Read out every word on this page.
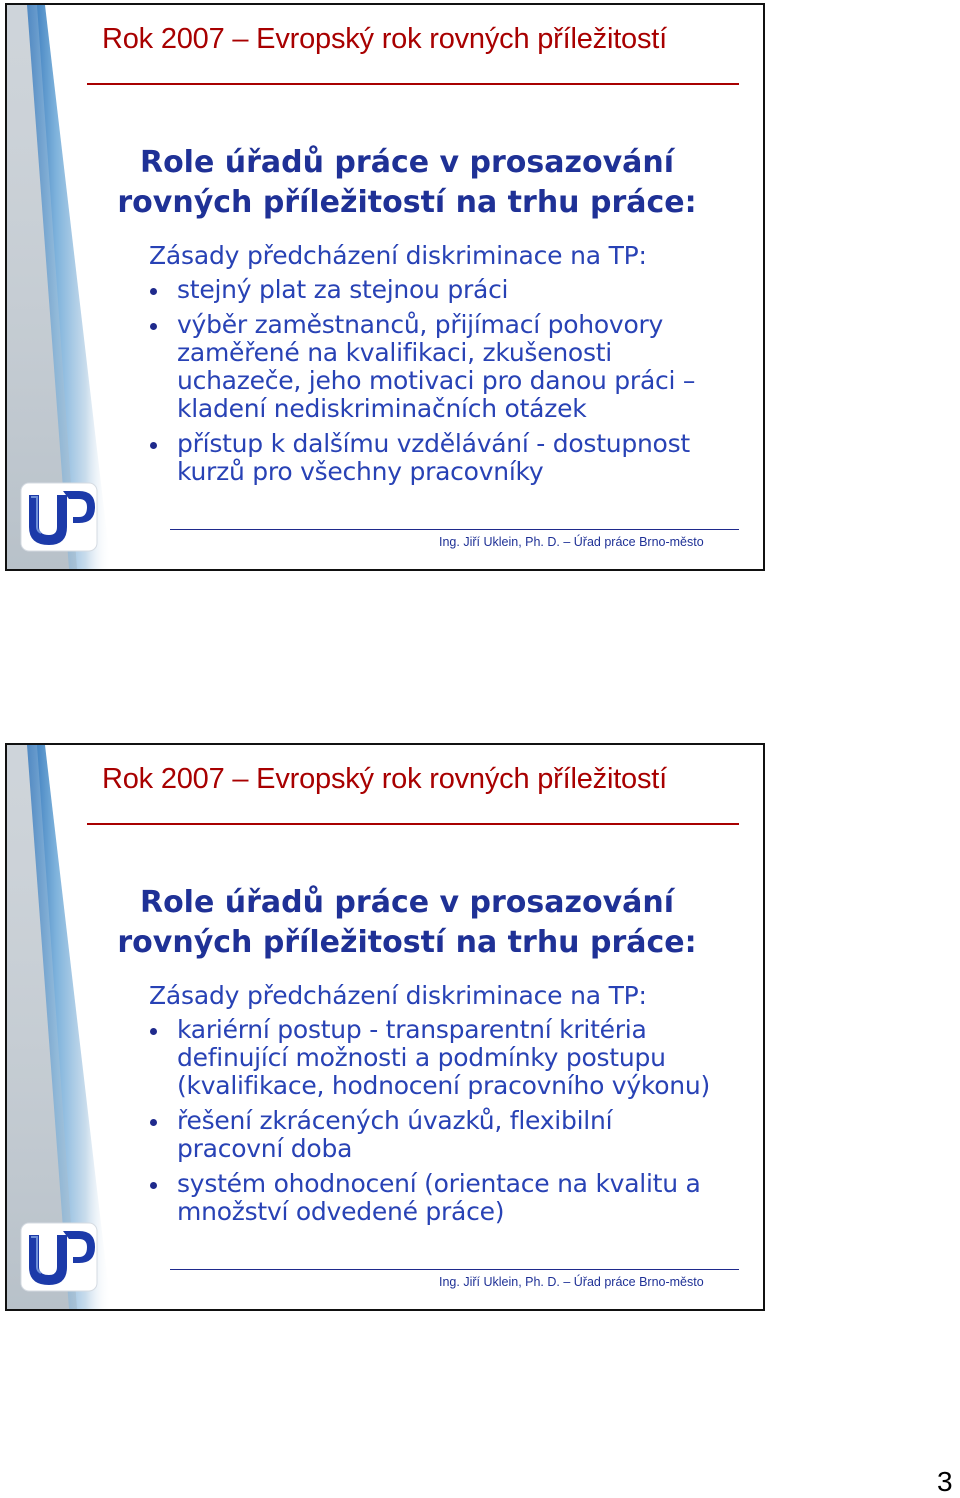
Rok 2007 – Evropský rok rovných příležitostí
Role úřadů práce v prosazování rovných příležitostí na trhu práce:

Zásady předcházení diskriminace na TP:

stejný plat za stejnou práci
výběr zaměstnanců, přijímací pohovory
zaměřené na kvalifikaci, zkušenosti
uchazeče, jeho motivaci pro danou práci –
kladení nediskriminačních otázek
přístup k dalšímu vzdělávání - dostupnost
kurzů pro všechny pracovníky

Ing. Jiří Uklein, Ph. D. – Úřad práce Brno-město

Rok 2007 – Evropský rok rovných příležitostí
Role úřadů práce v prosazování rovných příležitostí na trhu práce:

Zásady předcházení diskriminace na TP:

kariérní postup - transparentní kritéria
definující možnosti a podmínky postupu
(kvalifikace, hodnocení pracovního výkonu)
řešení zkrácených úvazků, flexibilní
pracovní doba
systém ohodnocení (orientace na kvalitu a
množství odvedené práce)

Ing. Jiří Uklein, Ph. D. – Úřad práce Brno-město

3
